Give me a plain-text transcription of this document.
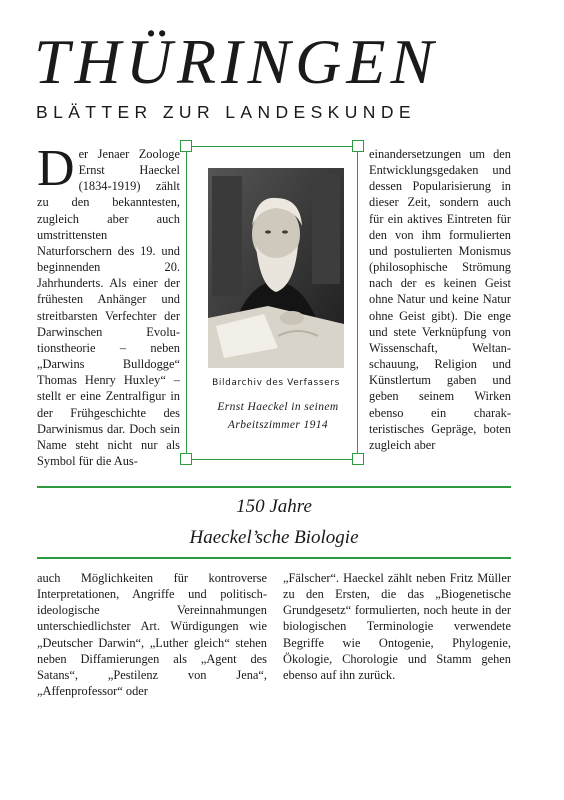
THÜRINGEN
BLÄTTER ZUR LANDESKUNDE

Der Jenaer Zoologe Ernst Haeckel (1834-1919) zählt zu den bekanntesten, zugleich aber auch umstrittensten Naturforschern des 19. und beginnenden 20. Jahrhunderts. Als einer der frühesten Anhänger und streitbarsten Verfechter der Darwinschen Evolutionstheorie – neben „Darwins Bulldogge“ Thomas Henry Huxley“ – stellt er eine Zentralfigur in der Frühgeschichte des Darwinismus dar. Doch sein Name steht nicht nur als Symbol für die Aus-

Bildarchiv des Verfassers
Ernst Haeckel in seinem
Arbeitszimmer 1914

einandersetzungen um den Entwicklungsgedaken und dessen Popularisierung in dieser Zeit, sondern auch für ein aktives Eintreten für den von ihm formulierten und postulierten Monismus (philosophische Strömung nach der es keinen Geist ohne Natur und keine Natur ohne Geist gibt). Die enge und stete Verknüpfung von Wissenschaft, Weltanschauung, Religion und Künstlertum gaben und geben seinem Wirken ebenso ein charakteristisches Gepräge, boten zugleich aber

150 Jahre
Haeckel’sche Biologie

auch Möglichkeiten für kontroverse Interpretationen, Angriffe und politisch-ideologische Vereinnahmungen unterschiedlichster Art. Würdigungen wie „Deutscher Darwin“, „Luther gleich“ stehen neben Diffamierungen als „Agent des Satans“, „Pestilenz von Jena“, „Affenprofessor“ oder

„Fälscher“. Haeckel zählt neben Fritz Müller zu den Ersten, die das „Biogenetische Grundgesetz“ formulierten, noch heute in der biologischen Terminologie verwendete Begriffe wie Ontogenie, Phylogenie, Ökologie, Chorologie und Stamm gehen ebenso auf ihn zurück.
